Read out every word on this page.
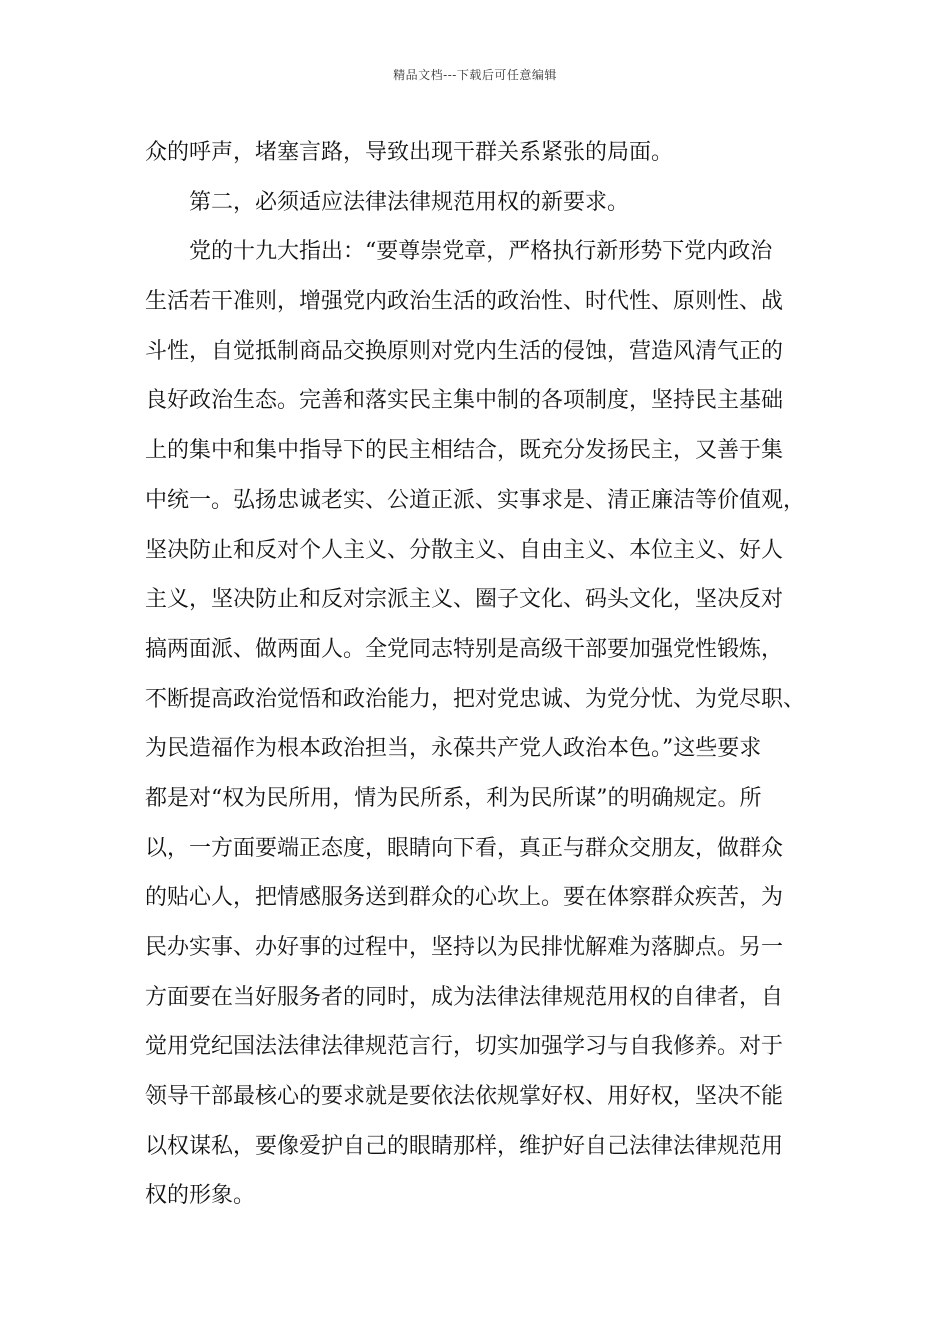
精品文档---下载后可任意编辑
众的呼声，堵塞言路，导致出现干群关系紧张的局面。
第二，必须适应法律法律规范用权的新要求。
党的十九大指出：“要尊崇党章，严格执行新形势下党内政治
生活若干准则，增强党内政治生活的政治性、时代性、原则性、战
斗性，自觉抵制商品交换原则对党内生活的侵蚀，营造风清气正的
良好政治生态。完善和落实民主集中制的各项制度，坚持民主基础
上的集中和集中指导下的民主相结合，既充分发扬民主，又善于集
中统一。弘扬忠诚老实、公道正派、实事求是、清正廉洁等价值观，
坚决防止和反对个人主义、分散主义、自由主义、本位主义、好人
主义，坚决防止和反对宗派主义、圈子文化、码头文化，坚决反对
搞两面派、做两面人。全党同志特别是高级干部要加强党性锻炼，
不断提高政治觉悟和政治能力，把对党忠诚、为党分忧、为党尽职、
为民造福作为根本政治担当，永葆共产党人政治本色。”这些要求
都是对“权为民所用，情为民所系，利为民所谋”的明确规定。所
以，一方面要端正态度，眼睛向下看，真正与群众交朋友，做群众
的贴心人，把情感服务送到群众的心坎上。要在体察群众疾苦，为
民办实事、办好事的过程中，坚持以为民排忧解难为落脚点。另一
方面要在当好服务者的同时，成为法律法律规范用权的自律者，自
觉用党纪国法法律法律规范言行，切实加强学习与自我修养。对于
领导干部最核心的要求就是要依法依规掌好权、用好权，坚决不能
以权谋私，要像爱护自己的眼睛那样，维护好自己法律法律规范用
权的形象。
